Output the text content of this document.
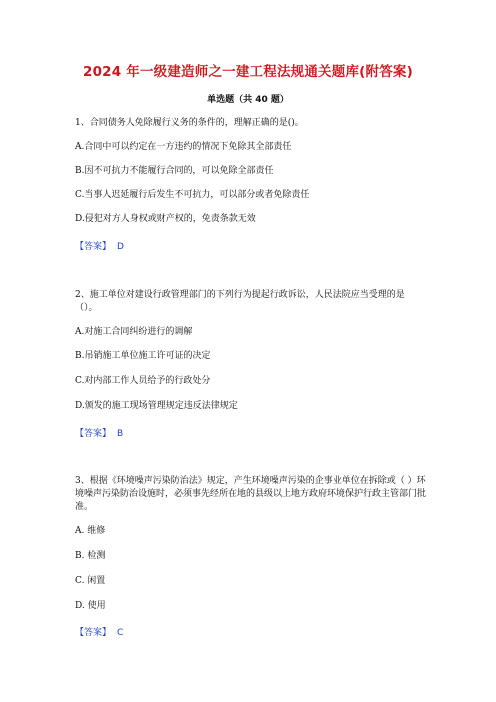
2024 年一级建造师之一建工程法规通关题库(附答案)
单选题（共 40 题）
1、合同债务人免除履行义务的条件的，理解正确的是()。
A.合同中可以约定在一方违约的情况下免除其全部责任
B.因不可抗力不能履行合同的，可以免除全部责任
C.当事人迟延履行后发生不可抗力，可以部分或者免除责任
D.侵犯对方人身权或财产权的，免责条款无效
【答案】 D
2、施工单位对建设行政管理部门的下列行为提起行政诉讼，人民法院应当受理的是（）。
A.对施工合同纠纷进行的调解
B.吊销施工单位施工许可证的决定
C.对内部工作人员给予的行政处分
D.颁发的施工现场管理规定违反法律规定
【答案】 B
3、根据《环境噪声污染防治法》规定，产生环境噪声污染的企事业单位在拆除或（ ）环境噪声污染防治设施时，必须事先经所在地的县级以上地方政府环境保护行政主管部门批准。
A. 维修
B. 检测
C. 闲置
D. 使用
【答案】 C
